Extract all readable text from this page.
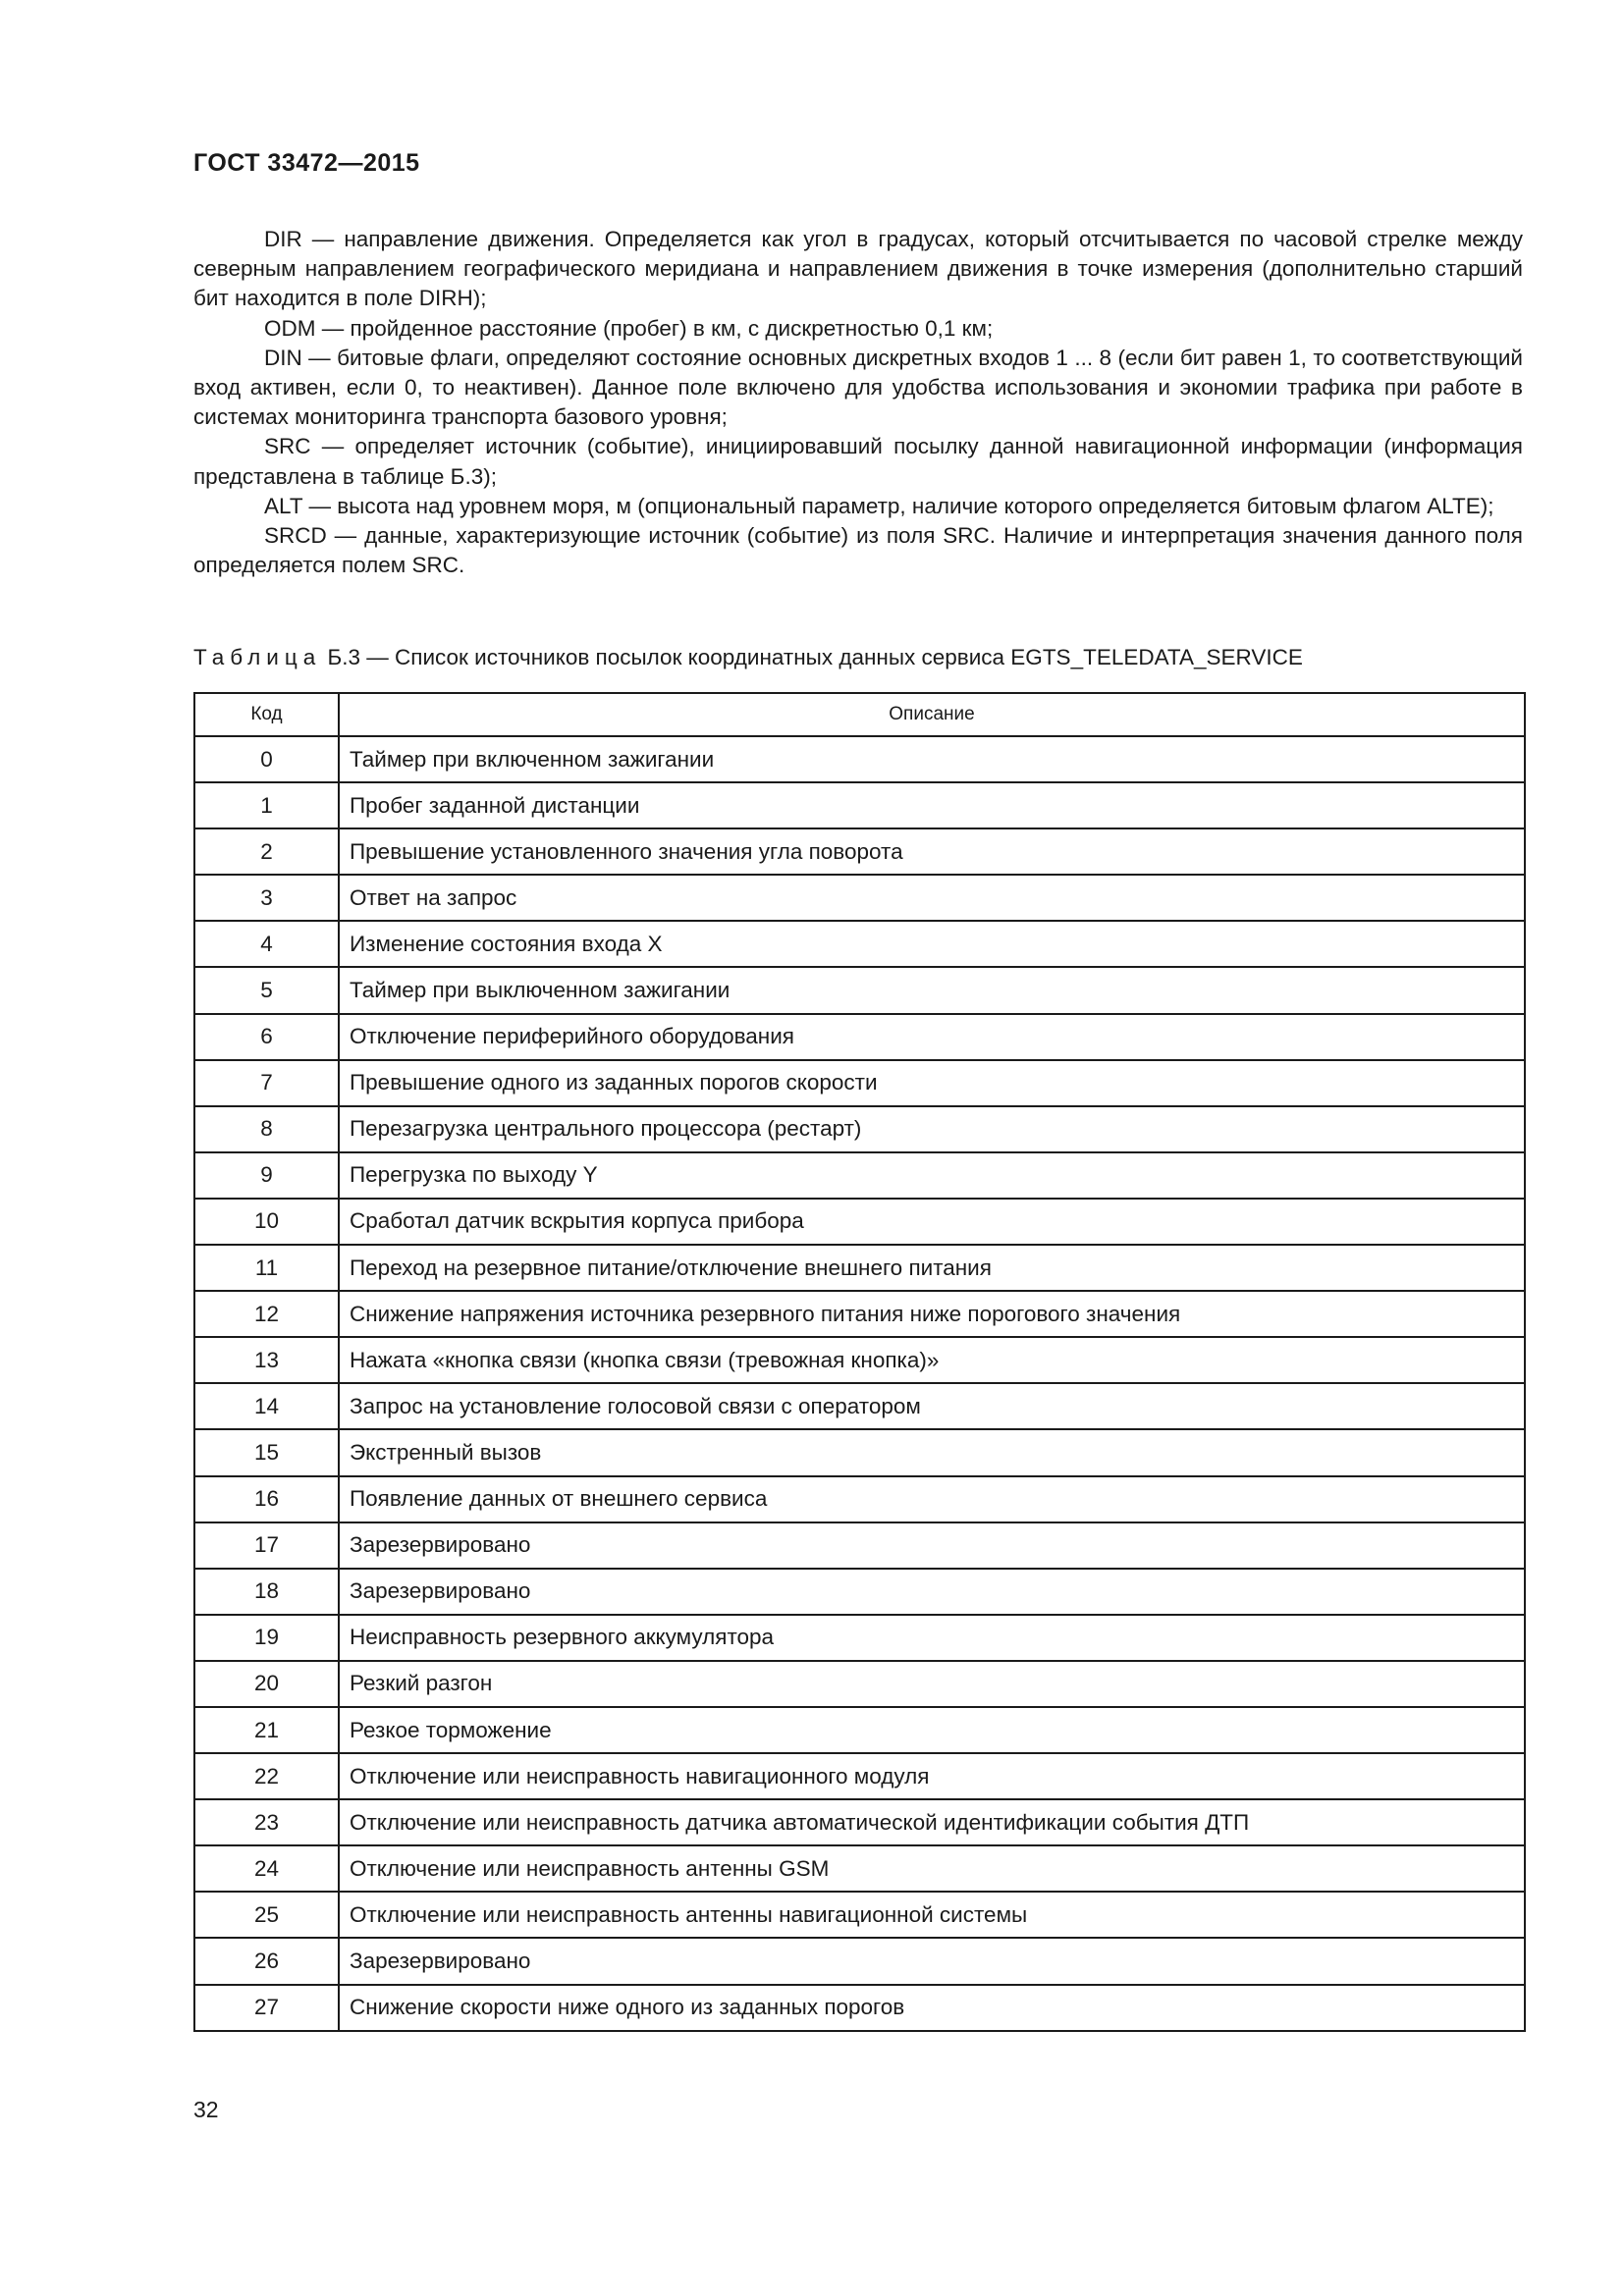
ГОСТ 33472—2015

DIR — направление движения. Определяется как угол в градусах, который отсчитывается по часовой стрелке между северным направлением географического меридиана и направлением движения в точке измерения (дополнительно старший бит находится в поле DIRH);

ODM — пройденное расстояние (пробег) в км, с дискретностью 0,1 км;

DIN — битовые флаги, определяют состояние основных дискретных входов 1 ... 8 (если бит равен 1, то соответствующий вход активен, если 0, то неактивен). Данное поле включено для удобства использования и экономии трафика при работе в системах мониторинга транспорта базового уровня;

SRC — определяет источник (событие), инициировавший посылку данной навигационной информации (информация представлена в таблице Б.3);

ALT — высота над уровнем моря, м (опциональный параметр, наличие которого определяется битовым флагом ALTE);

SRCD — данные, характеризующие источник (событие) из поля SRC. Наличие и интерпретация значения данного поля определяется полем SRC.

Таблица Б.3 — Список источников посылок координатных данных сервиса EGTS_TELEDATA_SERVICE
Код	Описание
0	Таймер при включенном зажигании
1	Пробег заданной дистанции
2	Превышение установленного значения угла поворота
3	Ответ на запрос
4	Изменение состояния входа X
5	Таймер при выключенном зажигании
6	Отключение периферийного оборудования
7	Превышение одного из заданных порогов скорости
8	Перезагрузка центрального процессора (рестарт)
9	Перегрузка по выходу Y
10	Сработал датчик вскрытия корпуса прибора
11	Переход на резервное питание/отключение внешнего питания
12	Снижение напряжения источника резервного питания ниже порогового значения
13	Нажата «кнопка связи (кнопка связи (тревожная кнопка)»
14	Запрос на установление голосовой связи с оператором
15	Экстренный вызов
16	Появление данных от внешнего сервиса
17	Зарезервировано
18	Зарезервировано
19	Неисправность резервного аккумулятора
20	Резкий разгон
21	Резкое торможение
22	Отключение или неисправность навигационного модуля
23	Отключение или неисправность датчика автоматической идентификации события ДТП
24	Отключение или неисправность антенны GSM
25	Отключение или неисправность антенны навигационной системы
26	Зарезервировано
27	Снижение скорости ниже одного из заданных порогов
32
